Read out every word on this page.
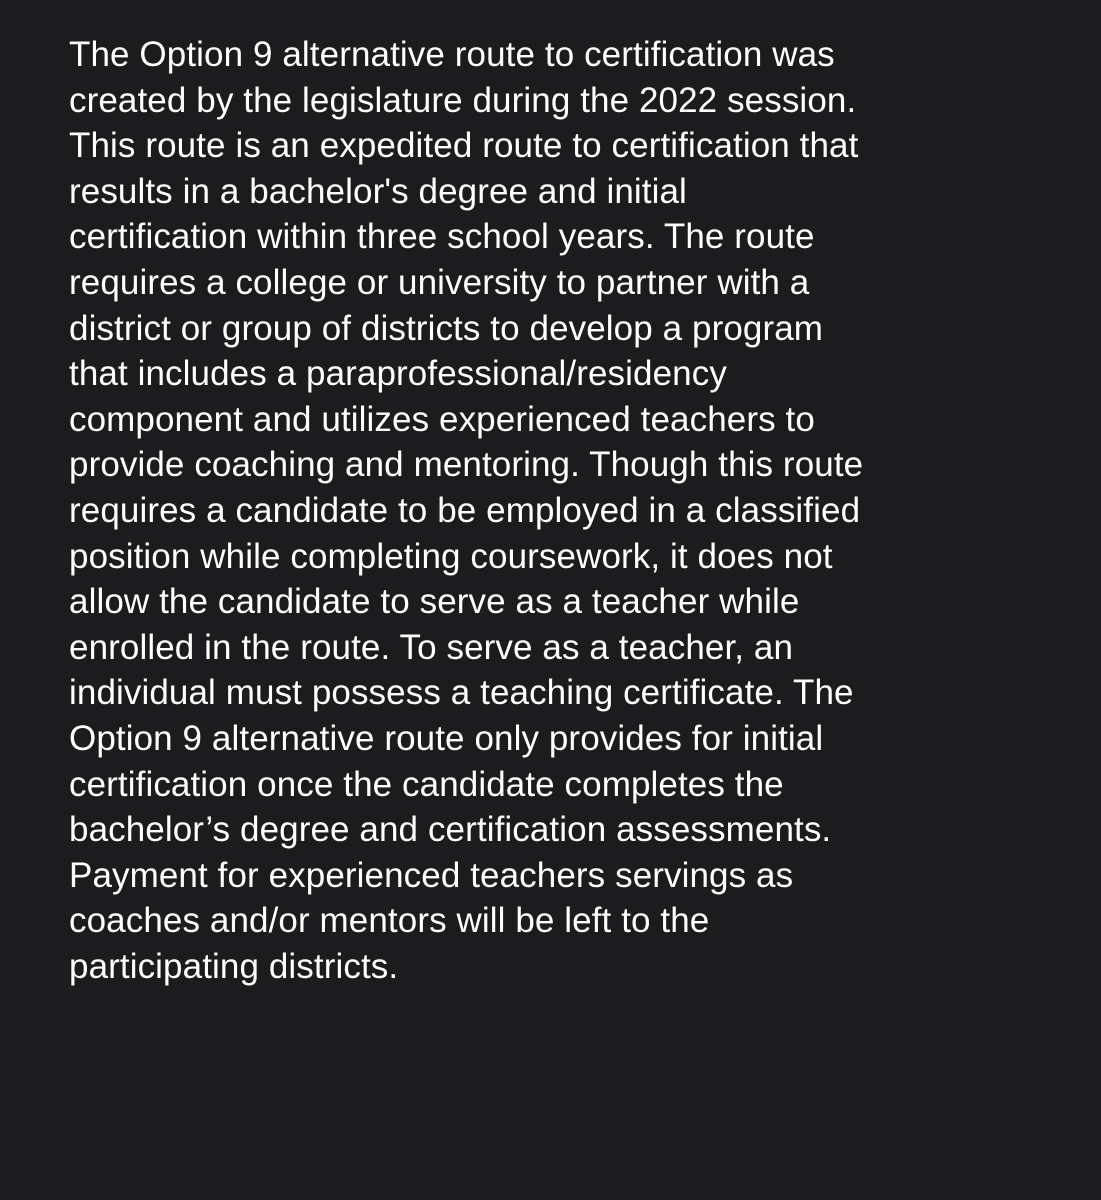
The Option 9 alternative route to certification was
created by the legislature during the 2022 session.
This route is an expedited route to certification that
results in a bachelor's degree and initial
certification within three school years. The route
requires a college or university to partner with a
district or group of districts to develop a program
that includes a paraprofessional/residency
component and utilizes experienced teachers to
provide coaching and mentoring. Though this route
requires a candidate to be employed in a classified
position while completing coursework, it does not
allow the candidate to serve as a teacher while
enrolled in the route. To serve as a teacher, an
individual must possess a teaching certificate. The
Option 9 alternative route only provides for initial
certification once the candidate completes the
bachelor’s degree and certification assessments.
Payment for experienced teachers servings as
coaches and/or mentors will be left to the
participating districts.
